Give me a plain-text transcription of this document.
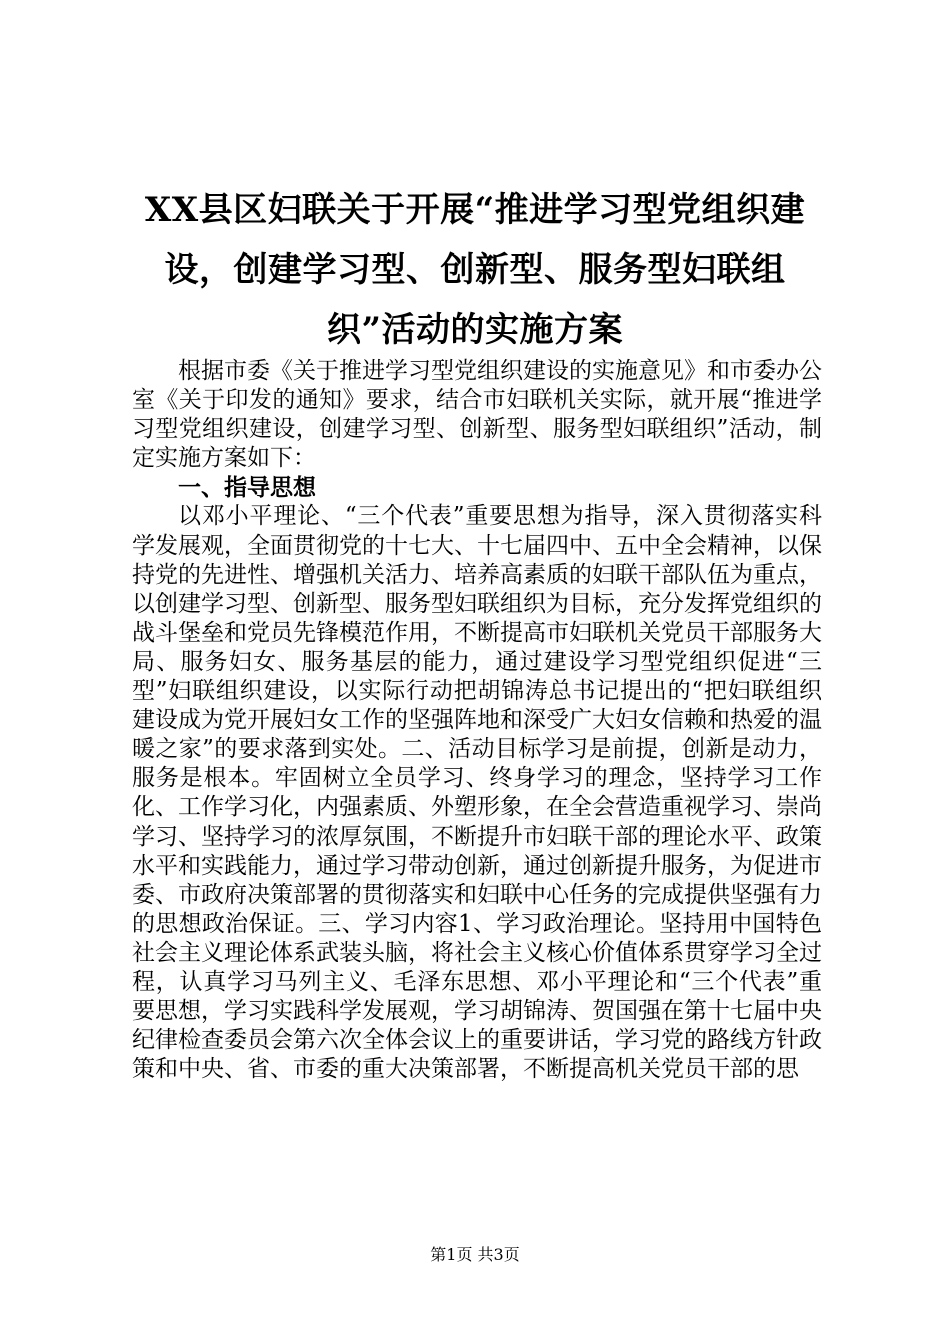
XX县区妇联关于开展“推进学习型党组织建设，创建学习型、创新型、服务型妇联组织”活动的实施方案

根据市委《关于推进学习型党组织建设的实施意见》和市委办公室《关于印发的通知》要求，结合市妇联机关实际，就开展“推进学习型党组织建设，创建学习型、创新型、服务型妇联组织”活动，制定实施方案如下：

一、指导思想

以邓小平理论、“三个代表”重要思想为指导，深入贯彻落实科学发展观，全面贯彻党的十七大、十七届四中、五中全会精神，以保持党的先进性、增强机关活力、培养高素质的妇联干部队伍为重点，以创建学习型、创新型、服务型妇联组织为目标，充分发挥党组织的战斗堡垒和党员先锋模范作用，不断提高市妇联机关党员干部服务大局、服务妇女、服务基层的能力，通过建设学习型党组织促进“三型”妇联组织建设，以实际行动把胡锦涛总书记提出的“把妇联组织建设成为党开展妇女工作的坚强阵地和深受广大妇女信赖和热爱的温暖之家”的要求落到实处。二、活动目标学习是前提，创新是动力，服务是根本。牢固树立全员学习、终身学习的理念，坚持学习工作化、工作学习化，内强素质、外塑形象，在全会营造重视学习、崇尚学习、坚持学习的浓厚氛围，不断提升市妇联干部的理论水平、政策水平和实践能力，通过学习带动创新，通过创新提升服务，为促进市委、市政府决策部署的贯彻落实和妇联中心任务的完成提供坚强有力的思想政治保证。三、学习内容1、学习政治理论。坚持用中国特色社会主义理论体系武装头脑，将社会主义核心价值体系贯穿学习全过程，认真学习马列主义、毛泽东思想、邓小平理论和“三个代表”重要思想，学习实践科学发展观，学习胡锦涛、贺国强在第十七届中央纪律检查委员会第六次全体会议上的重要讲话，学习党的路线方针政策和中央、省、市委的重大决策部署，不断提高机关党员干部的思

第1页 共3页
